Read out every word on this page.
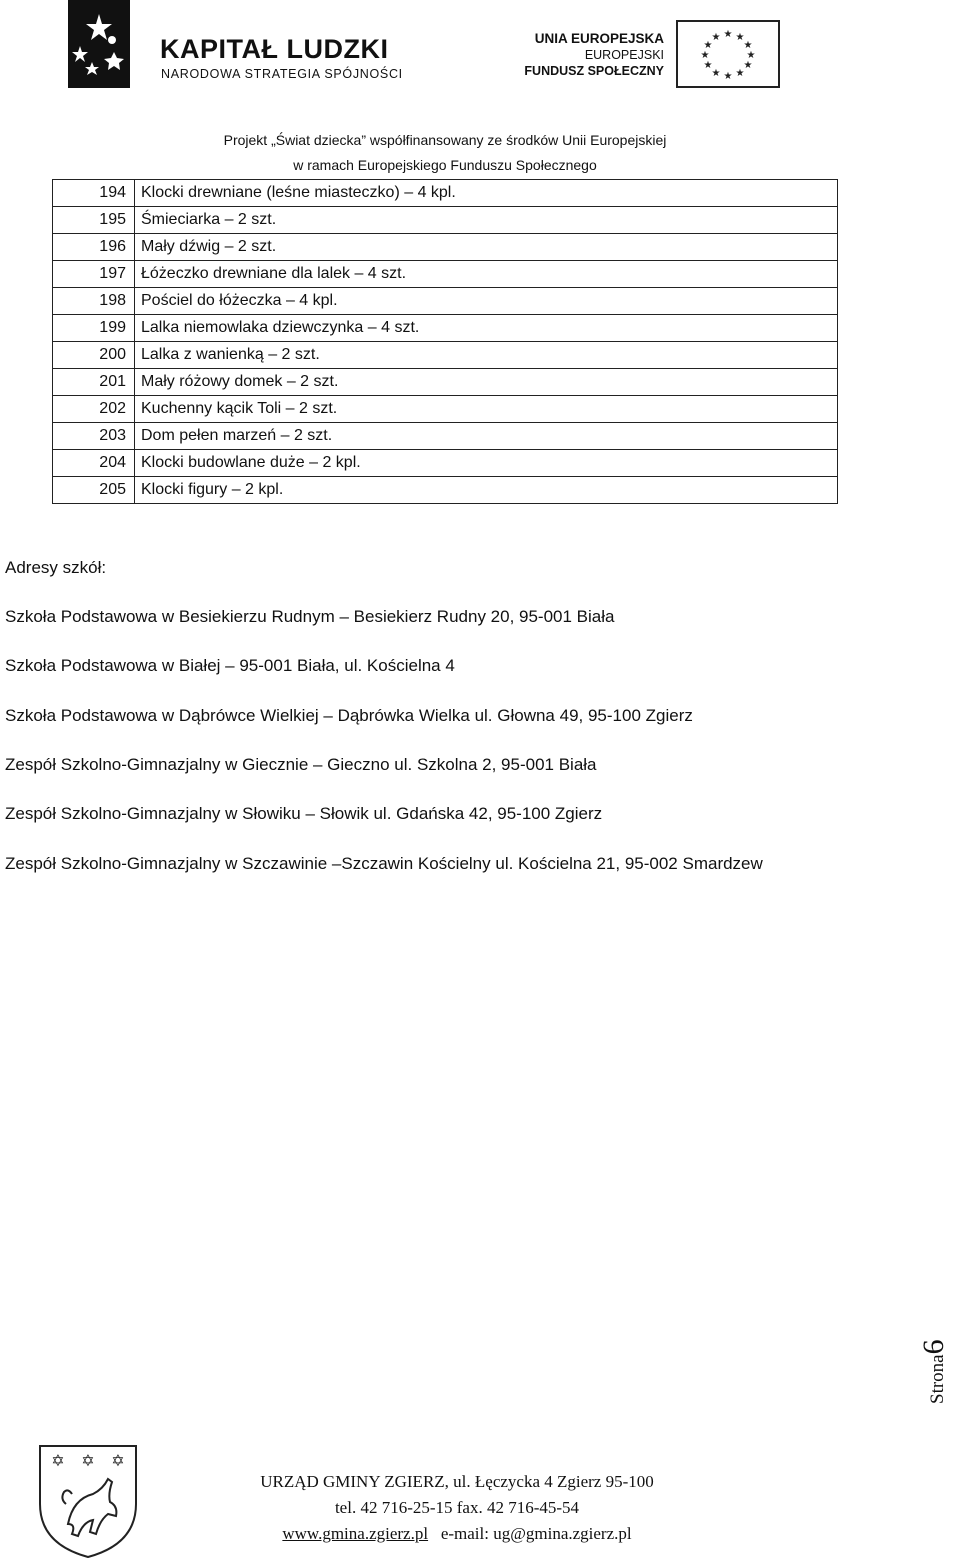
KAPITAŁ LUDZKI
NARODOWA STRATEGIA SPÓJNOŚCI
UNIA EUROPEJSKA
EUROPEJSKI
FUNDUSZ SPOŁECZNY
★ ★
★
★
★
★
★
★
★
★
★
★
Projekt „Świat dziecka” współfinansowany ze środków Unii Europejskiej
w ramach Europejskiego Funduszu Społecznego
194	Klocki drewniane (leśne miasteczko) – 4 kpl.
195	Śmieciarka – 2 szt.
196	Mały dźwig – 2 szt.
197	Łóżeczko drewniane dla lalek – 4 szt.
198	Pościel do łóżeczka – 4 kpl.
199	Lalka niemowlaka dziewczynka – 4 szt.
200	Lalka z wanienką – 2 szt.
201	Mały różowy domek – 2 szt.
202	Kuchenny kącik Toli – 2 szt.
203	Dom pełen marzeń – 2 szt.
204	Klocki budowlane duże – 2 kpl.
205	Klocki figury – 2 kpl.
Adresy szkół:
Szkoła Podstawowa w Besiekierzu Rudnym – Besiekierz Rudny 20, 95-001 Biała
Szkoła Podstawowa w Białej – 95-001 Biała, ul. Kościelna 4
Szkoła Podstawowa w Dąbrówce Wielkiej – Dąbrówka Wielka ul. Głowna 49, 95-100 Zgierz
Zespół Szkolno-Gimnazjalny w Giecznie – Gieczno ul. Szkolna 2, 95-001 Biała
Zespół Szkolno-Gimnazjalny w Słowiku – Słowik ul. Gdańska 42, 95-100 Zgierz
Zespół Szkolno-Gimnazjalny w Szczawinie –Szczawin Kościelny ul. Kościelna 21, 95-002 Smardzew
Strona6
✡ ✡ ✡
URZĄD GMINY ZGIERZ, ul. Łęczycka 4 Zgierz 95-100
tel. 42 716-25-15 fax. 42 716-45-54
www.gmina.zgierz.pl e-mail: ug@gmina.zgierz.pl
